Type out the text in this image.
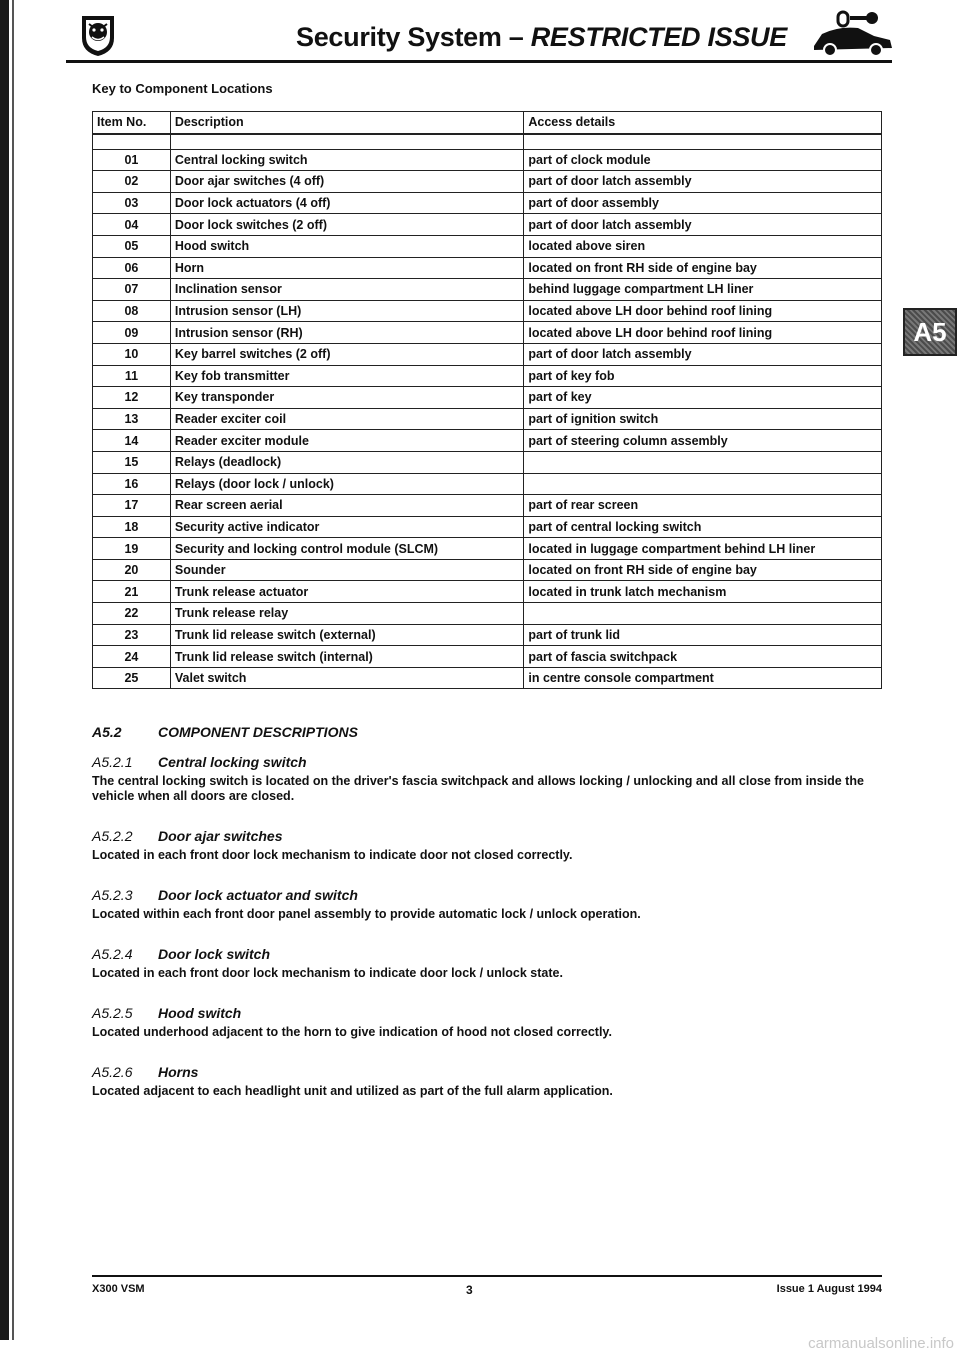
Security System – RESTRICTED ISSUE
Key to Component Locations
A5
Item No.	Description	Access details

01	Central locking switch	part of clock module
02	Door ajar switches (4 off)	part of door latch assembly
03	Door lock actuators (4 off)	part of door assembly
04	Door lock switches (2 off)	part of door latch assembly
05	Hood switch	located above siren
06	Horn	located on front RH side of engine bay
07	Inclination sensor	behind luggage compartment LH liner
08	Intrusion sensor (LH)	located above LH door behind roof lining
09	Intrusion sensor (RH)	located above LH door behind roof lining
10	Key barrel switches (2 off)	part of door latch assembly
11	Key fob transmitter	part of key fob
12	Key transponder	part of key
13	Reader exciter coil	part of ignition switch
14	Reader exciter module	part of steering column assembly
15	Relays (deadlock)	
16	Relays (door lock / unlock)	
17	Rear screen aerial	part of rear screen
18	Security active indicator	part of central locking switch
19	Security and locking control module (SLCM)	located in luggage compartment behind LH liner
20	Sounder	located on front RH side of engine bay
21	Trunk release actuator	located in trunk latch mechanism
22	Trunk release relay	
23	Trunk lid release switch (external)	part of trunk lid
24	Trunk lid release switch (internal)	part of fascia switchpack
25	Valet switch	in centre console compartment

A5.2	COMPONENT DESCRIPTIONS

A5.2.1 Central locking switch

The central locking switch is located on the driver's fascia switchpack and allows locking / unlocking and all close from inside the vehicle when all doors are closed.

A5.2.2 Door ajar switches

Located in each front door lock mechanism to indicate door not closed correctly.

A5.2.3 Door lock actuator and switch

Located within each front door panel assembly to provide automatic lock / unlock operation.

A5.2.4 Door lock switch

Located in each front door lock mechanism to indicate door lock / unlock state.

A5.2.5 Hood switch

Located underhood adjacent to the horn to give indication of hood not closed correctly.

A5.2.6 Horns

Located adjacent to each headlight unit and utilized as part of the full alarm application.

X300 VSM	3	Issue 1 August 1994
carmanualsonline.info
